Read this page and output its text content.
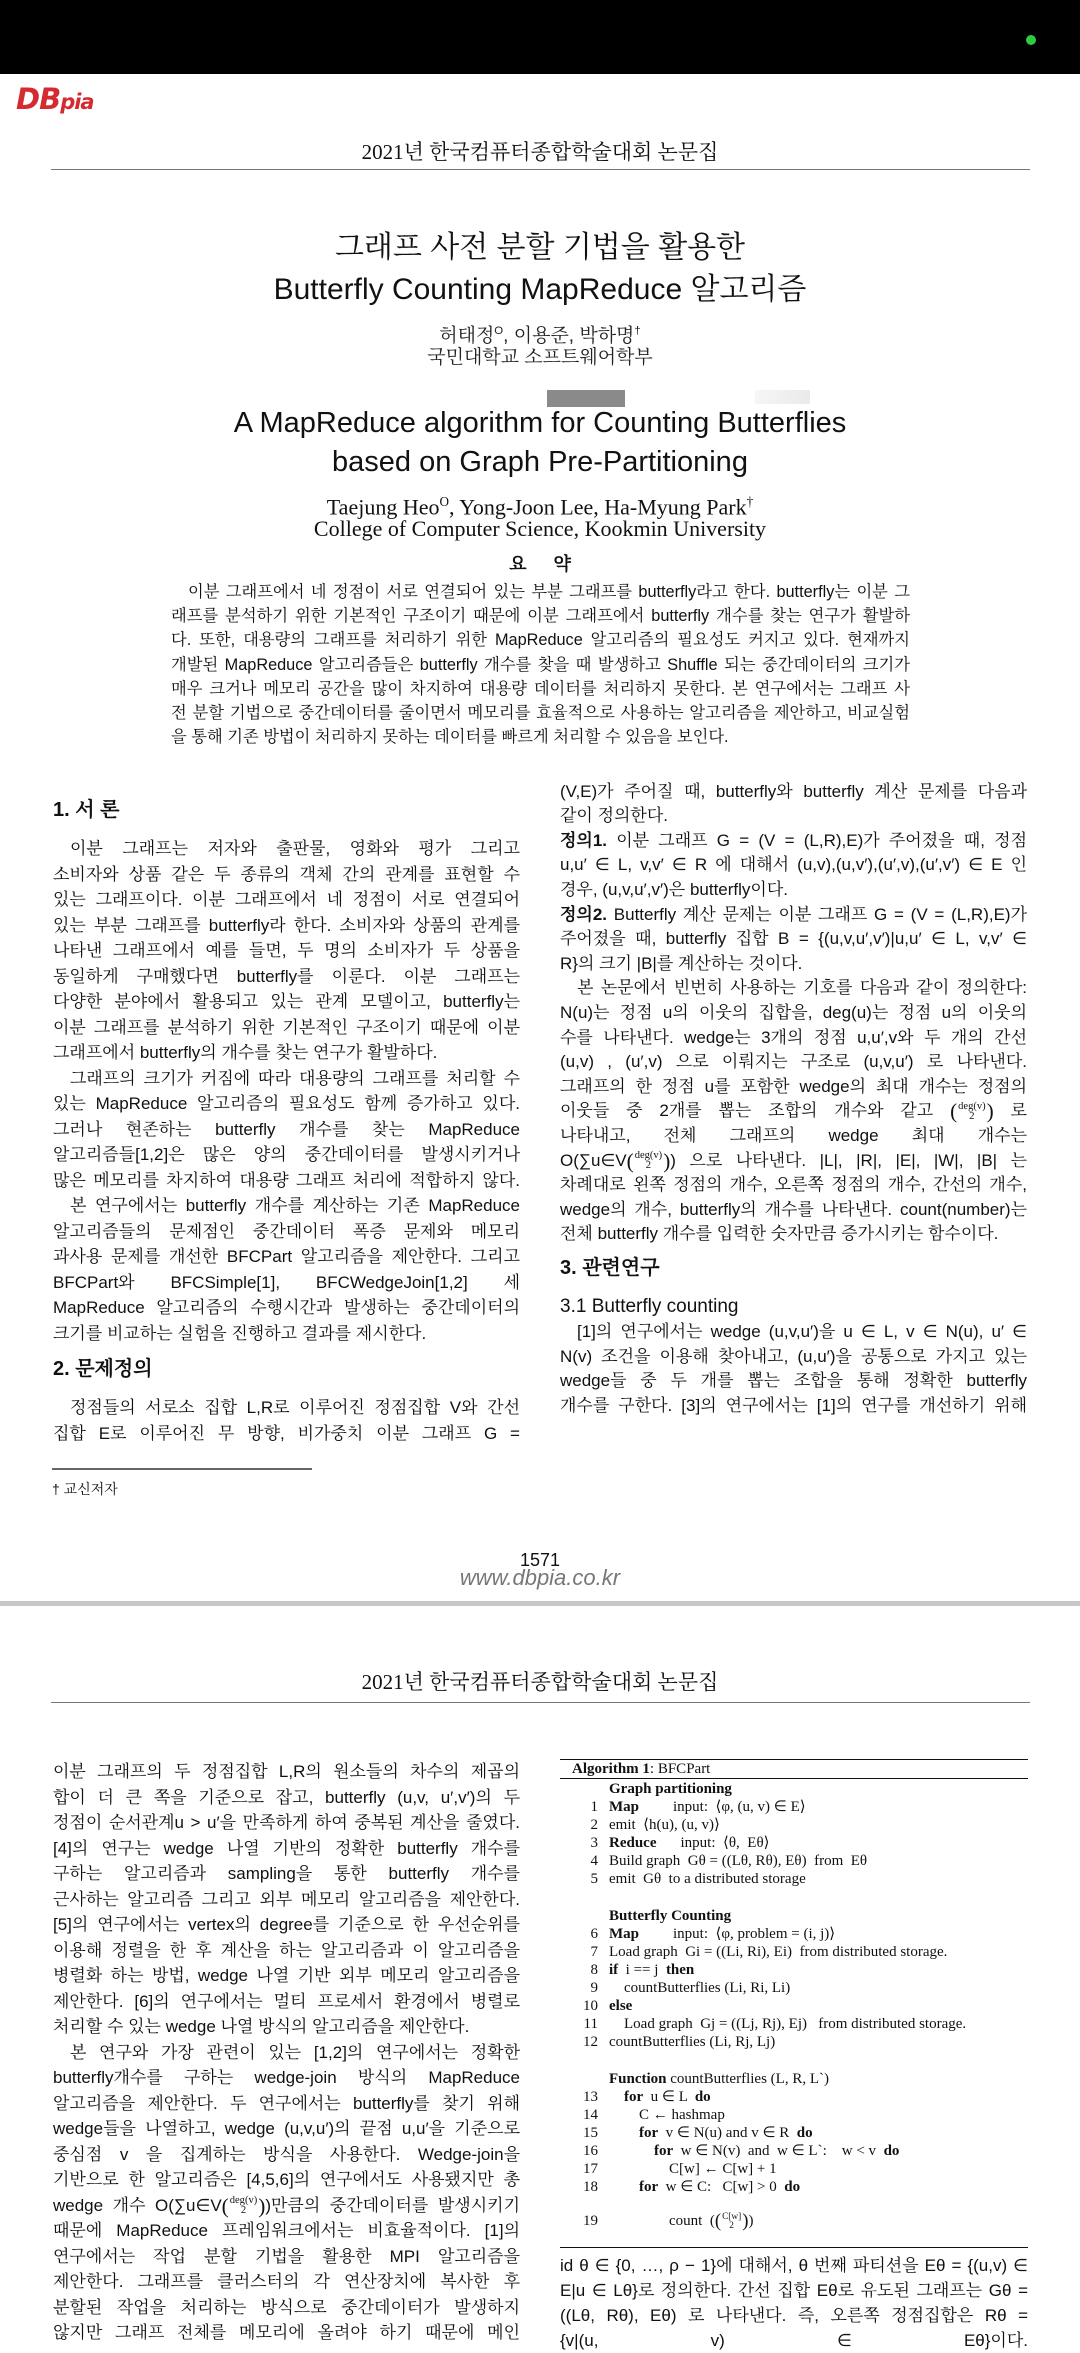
DBpia
2021년 한국컴퓨터종합학술대회 논문집
그래프 사전 분할 기법을 활용한
Butterfly Counting MapReduce 알고리즘
허태정$^O$, 이용준, 박하명†
국민대학교 소프트웨어학부
A MapReduce algorithm for Counting Butterflies
based on Graph Pre-Partitioning
Taejung Heo$^O$, Yong-Joon Lee, Ha-Myung Park†
College of Computer Science, Kookmin University
요 약
이분 그래프에서 네 정점이 서로 연결되어 있는 부분 그래프를 butterfly라고 한다. butterfly는 이분 그
래프를 분석하기 위한 기본적인 구조이기 때문에 이분 그래프에서 butterfly 개수를 찾는 연구가 활발하
다. 또한, 대용량의 그래프를 처리하기 위한 MapReduce 알고리즘의 필요성도 커지고 있다. 현재까지
개발된 MapReduce 알고리즘들은 butterfly 개수를 찾을 때 발생하고 Shuffle 되는 중간데이터의 크기가
매우 크거나 메모리 공간을 많이 차지하여 대용량 데이터를 처리하지 못한다. 본 연구에서는 그래프 사
전 분할 기법으로 중간데이터를 줄이면서 메모리를 효율적으로 사용하는 알고리즘을 제안하고, 비교실험
을 통해 기존 방법이 처리하지 못하는 데이터를 빠르게 처리할 수 있음을 보인다.
1. 서 론
이분 그래프는 저자와 출판물, 영화와 평가 그리고
소비자와 상품 같은 두 종류의 객체 간의 관계를 표현할 수
있는 그래프이다. 이분 그래프에서 네 정점이 서로 연결되어
있는 부분 그래프를 butterfly라 한다. 소비자와 상품의 관계를
나타낸 그래프에서 예를 들면, 두 명의 소비자가 두 상품을
동일하게 구매했다면 butterfly를 이룬다. 이분 그래프는
다양한 분야에서 활용되고 있는 관계 모델이고, butterfly는
이분 그래프를 분석하기 위한 기본적인 구조이기 때문에 이분
그래프에서 butterfly의 개수를 찾는 연구가 활발하다.
그래프의 크기가 커짐에 따라 대용량의 그래프를 처리할 수
있는 MapReduce 알고리즘의 필요성도 함께 증가하고 있다.
그러나 현존하는 butterfly 개수를 찾는 MapReduce
알고리즘들[1,2]은 많은 양의 중간데이터를 발생시키거나
많은 메모리를 차지하여 대용량 그래프 처리에 적합하지 않다.
본 연구에서는 butterfly 개수를 계산하는 기존 MapReduce
알고리즘들의 문제점인 중간데이터 폭증 문제와 메모리
과사용 문제를 개선한 BFCPart 알고리즘을 제안한다. 그리고
BFCPart와 BFCSimple[1], BFCWedgeJoin[1,2] 세
MapReduce 알고리즘의 수행시간과 발생하는 중간데이터의
크기를 비교하는 실험을 진행하고 결과를 제시한다.
2. 문제정의
정점들의 서로소 집합 L,R로 이루어진 정점집합 V와 간선
집합 E로 이루어진 무 방향, 비가중치 이분 그래프 G =
(V,E)가 주어질 때, butterfly와 butterfly 계산 문제를 다음과
같이 정의한다.
정의1. 이분 그래프 G = (V = (L,R),E)가 주어졌을 때, 정점
u,u′ ∈ L, v,v′ ∈ R 에 대해서 (u,v),(u,v′),(u′,v),(u′,v′) ∈ E 인
경우, (u,v,u′,v′)은 butterfly이다.
정의2. Butterfly 계산 문제는 이분 그래프 G = (V = (L,R),E)가
주어졌을 때, butterfly 집합 B = {(u,v,u′,v′)|u,u′ ∈ L, v,v′ ∈
R}의 크기 |B|를 계산하는 것이다.
본 논문에서 빈번히 사용하는 기호를 다음과 같이 정의한다:
N(u)는 정점 u의 이웃의 집합을, deg(u)는 정점 u의 이웃의
수를 나타낸다. wedge는 3개의 정점 u,u′,v와 두 개의 간선
(u,v) , (u′,v) 으로 이뤄지는 구조로 (u,v,u′) 로 나타낸다.
그래프의 한 정점 u를 포함한 wedge의 최대 개수는 정점의
이웃들 중 2개를 뽑는 조합의 개수와 같고 ( deg(v)
2 ) 로
나타내고, 전체 그래프의 wedge 최대 개수는
O(∑u∈V( deg(v)
2 )) 으로 나타낸다. |L|, |R|, |E|, |W|, |B| 는
차례대로 왼쪽 정점의 개수, 오른쪽 정점의 개수, 간선의 개수,
wedge의 개수, butterfly의 개수를 나타낸다. count(number)는
전체 butterfly 개수를 입력한 숫자만큼 증가시키는 함수이다.
3. 관련연구
3.1 Butterfly counting
[1]의 연구에서는 wedge (u,v,u′)을 u ∈ L, v ∈ N(u), u′ ∈
N(v) 조건을 이용해 찾아내고, (u,u′)을 공통으로 가지고 있는
wedge들 중 두 개를 뽑는 조합을 통해 정확한 butterfly
개수를 구한다. [3]의 연구에서는 [1]의 연구를 개선하기 위해
† 교신저자
1571
www.dbpia.co.kr
2021년 한국컴퓨터종합학술대회 논문집
이분 그래프의 두 정점집합 L,R의 원소들의 차수의 제곱의
합이 더 큰 쪽을 기준으로 잡고, butterfly (u,v, u′,v′)의 두
정점이 순서관계u > u′을 만족하게 하여 중복된 계산을 줄였다.
[4]의 연구는 wedge 나열 기반의 정확한 butterfly 개수를
구하는 알고리즘과 sampling을 통한 butterfly 개수를
근사하는 알고리즘 그리고 외부 메모리 알고리즘을 제안한다.
[5]의 연구에서는 vertex의 degree를 기준으로 한 우선순위를
이용해 정렬을 한 후 계산을 하는 알고리즘과 이 알고리즘을
병렬화 하는 방법, wedge 나열 기반 외부 메모리 알고리즘을
제안한다. [6]의 연구에서는 멀티 프로세서 환경에서 병렬로
처리할 수 있는 wedge 나열 방식의 알고리즘을 제안한다.
본 연구와 가장 관련이 있는 [1,2]의 연구에서는 정확한
butterfly개수를 구하는 wedge-join 방식의 MapReduce
알고리즘을 제안한다. 두 연구에서는 butterfly를 찾기 위해
wedge들을 나열하고, wedge (u,v,u′)의 끝점 u,u′을 기준으로
중심점 v 을 집계하는 방식을 사용한다. Wedge-join을
기반으로 한 알고리즘은 [4,5,6]의 연구에서도 사용됐지만 총
wedge 개수 O(∑u∈V( deg(v)
2 ))만큼의 중간데이터를 발생시키기
때문에 MapReduce 프레임워크에서는 비효율적이다. [1]의
연구에서는 작업 분할 기법을 활용한 MPI 알고리즘을
제안한다. 그래프를 클러스터의 각 연산장치에 복사한 후
분할된 작업을 처리하는 방식으로 중간데이터가 발생하지
않지만 그래프 전체를 메모리에 올려야 하기 때문에 메인
Algorithm 1: BFCPart
Graph partitioning
1 Map input:  ⟨φ, (u, v) ∈ E⟩
2 emit  ⟨h(u), (u, v)⟩
3 Reduce  input:  ⟨θ,  Eθ⟩
4 Build graph  Gθ = ((Lθ, Rθ), Eθ)  from  Eθ
5 emit  Gθ  to a distributed storage
Butterfly Counting
6 Map input:  ⟨φ, problem = (i, j)⟩
7 Load graph  Gi = ((Li, Ri), Ei)  from distributed storage.
8 if  i == j  then
9 countButterflies (Li, Ri, Li)
10 else
11 Load graph  Gj = ((Lj, Rj), Ej)   from distributed storage.
12 countButterflies (Li, Rj, Lj)
Function countButterflies (L, R, L`)
13 for  u ∈ L  do
14	C ← hashmap
15	for  v ∈ N(u) and v ∈ R  do
16	for  w ∈ N(v)  and  w ∈ L`:    w < v  do
17	C[w] ← C[w] + 1
18	for  w ∈ C:   C[w] > 0  do
19	count  (( C[w]
2 ))
id θ ∈ {0, …, ρ − 1}에 대해서, θ 번째 파티션을 Eθ = {(u,v) ∈
E|u ∈ Lθ}로 정의한다. 간선 집합 Eθ로 유도된 그래프는 Gθ =
((Lθ, Rθ), Eθ) 로 나타낸다. 즉, 오른쪽 정점집합은 Rθ =
{v|(u, v) ∈ Eθ}이다.
